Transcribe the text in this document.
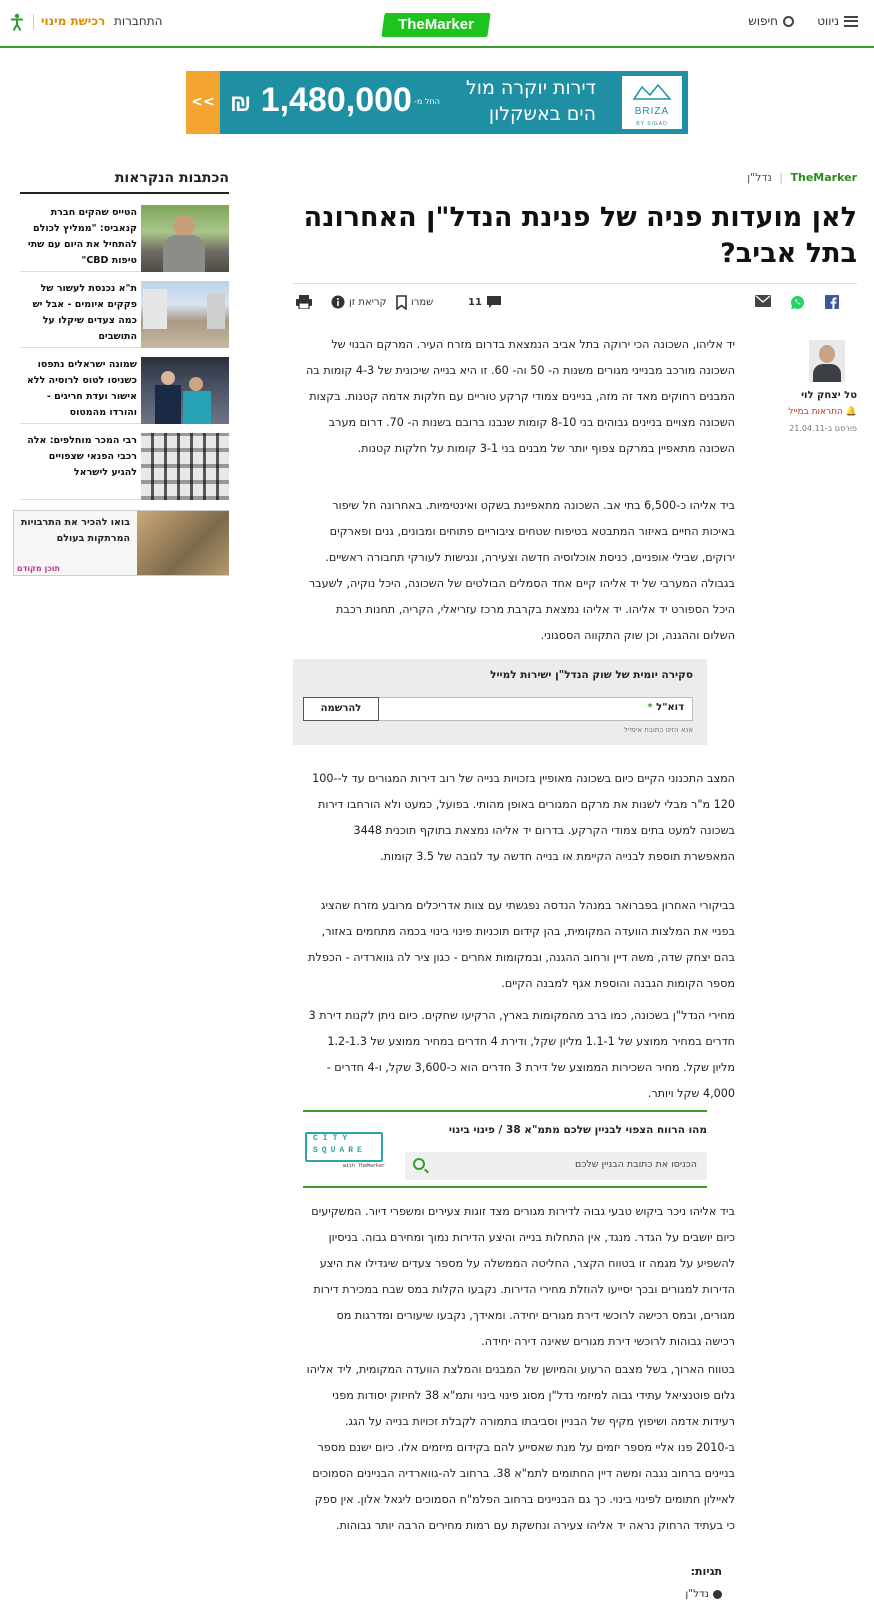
ניווט
חיפוש
TheMarker
התחברות
רכישת מינוי
<< ₪ 1,480,000 החל מ-
דירות יוקרה מול
הים באשקלון	BRIZA
BY SIGAD
הכתבות הנקראות
הטייס שהקים חברת קנאביס: "ממליץ לכולם להתחיל את היום עם שתי טיפות CBD"
ת"א נכנסת לעשור של פקקים איומים - אבל יש כמה צעדים שיקלו על התושבים
שמונה ישראלים נתפסו כשניסו לטוס לרוסיה ללא אישור ועדת חריגים - והורדו מהמטוס
רבי המכר מוחלפים: אלה רכבי הפנאי שצפויים להגיע לישראל
בואו להכיר את התרבויות המרתקות בעולם
תוכן מקודם
TheMarker | נדל"ן
לאן מועדות פניה של פנינת הנדל"ן האחרונה בתל אביב?
11
שמרו
קריאת זן
טל יצחק לוי
🔔 התראות במייל
פורסם ב-21.04.11

יד אליהו, השכונה הכי ירוקה בתל אביב הנמצאת בדרום מזרח העיר. המרקם הבנוי של השכונה מורכב מבנייני מגורים משנות ה- 50 וה- 60. זו היא בנייה שיכונית של 4-3 קומות בה המבנים רחוקים מאד זה מזה, בניינים צמודי קרקע טוריים עם חלקות אדמה קטנות. בקצות השכונה מצויים בניינים גבוהים בני 8-10 קומות שנבנו ברובם בשנות ה- 70. דרום מערב השכונה מתאפיין במרקם צפוף יותר של מבנים בני 3-1 קומות על חלקות קטנות.

ביד אליהו כ-6,500 בתי אב. השכונה מתאפיינת בשקט ואינטימיות. באחרונה חל שיפור באיכות החיים באיזור המתבטא בטיפוח שטחים ציבוריים פתוחים ומבונים, גנים ופארקים ירוקים, שבילי אופניים, כניסת אוכלוסיה חדשה וצעירה, ונגישות לעורקי תחבורה ראשיים. בגבולה המערבי של יד אליהו קיים אחד הסמלים הבולטים של השכונה, היכל נוקיה, לשעבר היכל הספורט יד אליהו. יד אליהו נמצאת בקרבת מרכז עזריאלי, הקריה, תחנות רכבת השלום וההגנה, וכן שוק התקווה הססגוני.

סקירה יומית של שוק הנדל"ן ישירות למייל
דוא"ל *
להרשמה
אנא הזינו כתובת אימייל

המצב התכנוני הקיים כיום בשכונה מאופיין בזכויות בנייה של רוב דירות המגורים עד ל-100-120 מ"ר מבלי לשנות את מרקם המגורים באופן מהותי. בפועל, כמעט ולא הורחבו דירות בשכונה למעט בתים צמודי הקרקע. בדרום יד אליהו נמצאת בתוקף תוכנית 3448 המאפשרת תוספת לבנייה הקיימת או בנייה חדשה עד לגובה של 3.5 קומות.

בביקורי האחרון בפברואר במנהל הנדסה נפגשתי עם צוות אדריכלים מרובע מזרח שהציג בפניי את המלצות הוועדה המקומית, בהן קידום תוכניות פינוי בינוי בכמה מתחמים באזור, בהם יצחק שדה, משה דיין ורחוב ההגנה, ובמקומות אחרים - כגון ציר לה גווארדיה - הכפלת מספר הקומות הגבנה והוספת אגף למבנה הקיים.

מחירי הנדל"ן בשכונה, כמו ברב מהמקומות בארץ, הרקיעו שחקים. כיום ניתן לקנות דירת 3 חדרים במחיר ממוצע של 1.1-1 מליון שקל, ודירת 4 חדרים במחיר ממוצע של 1.2-1.3 מליון שקל. מחיר השכירות הממוצע של דירת 3 חדרים הוא כ-3,600 שקל, ו-4 חדרים - 4,000 שקל ויותר.

מהו הרווח הצפוי לבניין שלכם מתמ"א 38 / פינוי בינוי
הכניסו את כתובת הבניין שלכם
CITY
SQUARE
with TheMarker

ביד אליהו ניכר ביקוש טבעי גבוה לדירות מגורים מצד זוגות צעירים ומשפרי דיור. המשקיעים כיום יושבים על הגדר. מנגד, אין התחלות בנייה והיצע הדירות נמוך ומחירם גבוה. בניסיון להשפיע על מגמה זו בטווח הקצר, החליטה הממשלה על מספר צעדים שיגדילו את היצע הדירות למגורים ובכך יסייעו להוזלת מחירי הדירות. נקבעו הקלות במס שבח במכירת דירות מגורים, ובמס רכישה לרוכשי דירת מגורים יחידה. ומאידך, נקבעו שיעורים ומדרגות מס רכישה גבוהות לרוכשי דירת מגורים שאינה דירה יחידה.

בטווח הארוך, בשל מצבם הרעוע והמיושן של המבנים והמלצת הוועדה המקומית, ליד אליהו גלום פוטנציאל עתידי גבוה למיזמי נדל"ן מסוג פינוי בינוי ותמ"א 38 לחיזוק יסודות מפני רעידות אדמה ושיפוץ מקיף של הבניין וסביבתו בתמורה לקבלת זכויות בנייה על הגג. ב-2010 פנו אליי מספר יזמים על מנת שאסייע להם בקידום מיזמים אלו. כיום ישנם מספר בניינים ברחוב נגבה ומשה דיין החתומים לתמ"א 38. ברחוב לה-גווארדיה הבניינים הסמוכים לאיילון חתומים לפינוי בינוי. כך גם הבניינים ברחוב הפלמ"ח הסמוכים ליגאל אלון. אין ספק כי בעתיד הרחוק נראה יד אליהו צעירה ונחשקת עם רמות מחירים הרבה יותר גבוהות.

תגיות:
נדל"ן
